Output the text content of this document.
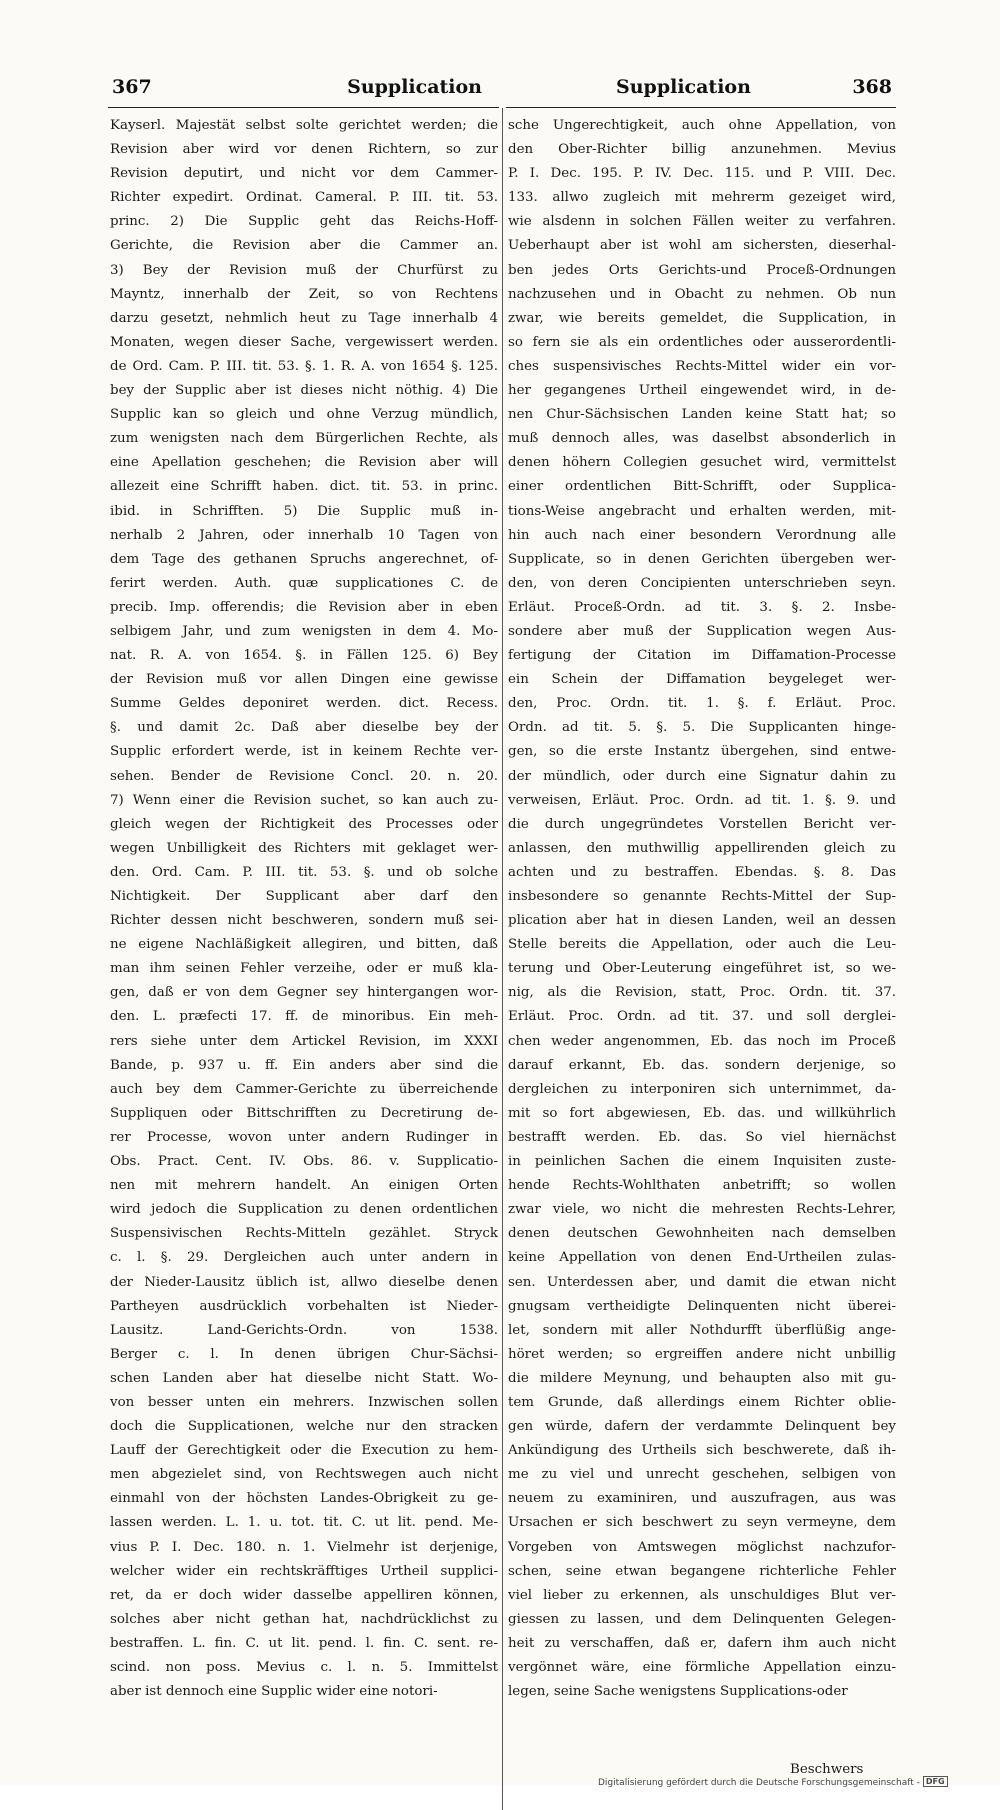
367	Supplication	Supplication	368
Kayserl. Majestät selbst solte gerichtet werden; die
Revision aber wird vor denen Richtern, so zur
Revision deputirt, und nicht vor dem Cammer-
Richter expedirt. Ordinat. Cameral. P. III. tit. 53.
princ. 2) Die Supplic geht das Reichs-Hoff-
Gerichte, die Revision aber die Cammer an.
3) Bey der Revision muß der Churfürst zu
Mayntz, innerhalb der Zeit, so von Rechtens
darzu gesetzt, nehmlich heut zu Tage innerhalb 4
Monaten, wegen dieser Sache, vergewissert werden.
de Ord. Cam. P. III. tit. 53. §. 1. R. A. von 1654 §. 125.
bey der Supplic aber ist dieses nicht nöthig. 4) Die
Supplic kan so gleich und ohne Verzug mündlich,
zum wenigsten nach dem Bürgerlichen Rechte, als
eine Apellation geschehen; die Revision aber will
allezeit eine Schrifft haben. dict. tit. 53. in princ.
ibid. in Schrifften. 5) Die Supplic muß in-
nerhalb 2 Jahren, oder innerhalb 10 Tagen von
dem Tage des gethanen Spruchs angerechnet, of-
ferirt werden. Auth. quæ supplicationes C. de
precib. Imp. offerendis; die Revision aber in eben
selbigem Jahr, und zum wenigsten in dem 4. Mo-
nat. R. A. von 1654. §. in Fällen 125. 6) Bey
der Revision muß vor allen Dingen eine gewisse
Summe Geldes deponiret werden. dict. Recess.
§. und damit 2c. Daß aber dieselbe bey der
Supplic erfordert werde, ist in keinem Rechte ver-
sehen. Bender de Revisione Concl. 20. n. 20.
7) Wenn einer die Revision suchet, so kan auch zu-
gleich wegen der Richtigkeit des Processes oder
wegen Unbilligkeit des Richters mit geklaget wer-
den. Ord. Cam. P. III. tit. 53. §. und ob solche
Nichtigkeit. Der Supplicant aber darf den
Richter dessen nicht beschweren, sondern muß sei-
ne eigene Nachläßigkeit allegiren, und bitten, daß
man ihm seinen Fehler verzeihe, oder er muß kla-
gen, daß er von dem Gegner sey hintergangen wor-
den. L. præfecti 17. ff. de minoribus. Ein meh-
rers siehe unter dem Artickel Revision, im XXXI
Bande, p. 937 u. ff. Ein anders aber sind die
auch bey dem Cammer-Gerichte zu überreichende
Suppliquen oder Bittschrifften zu Decretirung de-
rer Processe, wovon unter andern Rudinger in
Obs. Pract. Cent. IV. Obs. 86. v. Supplicatio-
nen mit mehrern handelt. An einigen Orten
wird jedoch die Supplication zu denen ordentlichen
Suspensivischen Rechts-Mitteln gezählet. Stryck
c. l. §. 29. Dergleichen auch unter andern in
der Nieder-Lausitz üblich ist, allwo dieselbe denen
Partheyen ausdrücklich vorbehalten ist Nieder-
Lausitz. Land-Gerichts-Ordn. von 1538.
Berger c. l. In denen übrigen Chur-Sächsi-
schen Landen aber hat dieselbe nicht Statt. Wo-
von besser unten ein mehrers. Inzwischen sollen
doch die Supplicationen, welche nur den stracken
Lauff der Gerechtigkeit oder die Execution zu hem-
men abgezielet sind, von Rechtswegen auch nicht
einmahl von der höchsten Landes-Obrigkeit zu ge-
lassen werden. L. 1. u. tot. tit. C. ut lit. pend. Me-
vius P. I. Dec. 180. n. 1. Vielmehr ist derjenige,
welcher wider ein rechtskräfftiges Urtheil supplici-
ret, da er doch wider dasselbe appelliren können,
solches aber nicht gethan hat, nachdrücklichst zu
bestraffen. L. fin. C. ut lit. pend. l. fin. C. sent. re-
scind. non poss. Mevius c. l. n. 5. Immittelst
aber ist dennoch eine Supplic wider eine notori-
sche Ungerechtigkeit, auch ohne Appellation, von
den Ober-Richter billig anzunehmen. Mevius
P. I. Dec. 195. P. IV. Dec. 115. und P. VIII. Dec.
133. allwo zugleich mit mehrerm gezeiget wird,
wie alsdenn in solchen Fällen weiter zu verfahren.
Ueberhaupt aber ist wohl am sichersten, dieserhal-
ben jedes Orts Gerichts-und Proceß-Ordnungen
nachzusehen und in Obacht zu nehmen. Ob nun
zwar, wie bereits gemeldet, die Supplication, in
so fern sie als ein ordentliches oder ausserordentli-
ches suspensivisches Rechts-Mittel wider ein vor-
her gegangenes Urtheil eingewendet wird, in de-
nen Chur-Sächsischen Landen keine Statt hat; so
muß dennoch alles, was daselbst absonderlich in
denen höhern Collegien gesuchet wird, vermittelst
einer ordentlichen Bitt-Schrifft, oder Supplica-
tions-Weise angebracht und erhalten werden, mit-
hin auch nach einer besondern Verordnung alle
Supplicate, so in denen Gerichten übergeben wer-
den, von deren Concipienten unterschrieben seyn.
Erläut. Proceß-Ordn. ad tit. 3. §. 2. Insbe-
sondere aber muß der Supplication wegen Aus-
fertigung der Citation im Diffamation-Processe
ein Schein der Diffamation beygeleget wer-
den, Proc. Ordn. tit. 1. §. f. Erläut. Proc.
Ordn. ad tit. 5. §. 5. Die Supplicanten hinge-
gen, so die erste Instantz übergehen, sind entwe-
der mündlich, oder durch eine Signatur dahin zu
verweisen, Erläut. Proc. Ordn. ad tit. 1. §. 9. und
die durch ungegründetes Vorstellen Bericht ver-
anlassen, den muthwillig appellirenden gleich zu
achten und zu bestraffen. Ebendas. §. 8. Das
insbesondere so genannte Rechts-Mittel der Sup-
plication aber hat in diesen Landen, weil an dessen
Stelle bereits die Appellation, oder auch die Leu-
terung und Ober-Leuterung eingeführet ist, so we-
nig, als die Revision, statt, Proc. Ordn. tit. 37.
Erläut. Proc. Ordn. ad tit. 37. und soll derglei-
chen weder angenommen, Eb. das noch im Proceß
darauf erkannt, Eb. das. sondern derjenige, so
dergleichen zu interponiren sich unternimmet, da-
mit so fort abgewiesen, Eb. das. und willkührlich
bestrafft werden. Eb. das. So viel hiernächst
in peinlichen Sachen die einem Inquisiten zuste-
hende Rechts-Wohlthaten anbetrifft; so wollen
zwar viele, wo nicht die mehresten Rechts-Lehrer,
denen deutschen Gewohnheiten nach demselben
keine Appellation von denen End-Urtheilen zulas-
sen. Unterdessen aber, und damit die etwan nicht
gnugsam vertheidigte Delinquenten nicht überei-
let, sondern mit aller Nothdurfft überflüßig ange-
höret werden; so ergreiffen andere nicht unbillig
die mildere Meynung, und behaupten also mit gu-
tem Grunde, daß allerdings einem Richter oblie-
gen würde, dafern der verdammte Delinquent bey
Ankündigung des Urtheils sich beschwerete, daß ih-
me zu viel und unrecht geschehen, selbigen von
neuem zu examiniren, und auszufragen, aus was
Ursachen er sich beschwert zu seyn vermeyne, dem
Vorgeben von Amtswegen möglichst nachzufor-
schen, seine etwan begangene richterliche Fehler
viel lieber zu erkennen, als unschuldiges Blut ver-
giessen zu lassen, und dem Delinquenten Gelegen-
heit zu verschaffen, daß er, dafern ihm auch nicht
vergönnet wäre, eine förmliche Appellation einzu-
legen, seine Sache wenigstens Supplications-oder
Beschwers
Digitalisierung gefördert durch die Deutsche Forschungsgemeinschaft - DFG
